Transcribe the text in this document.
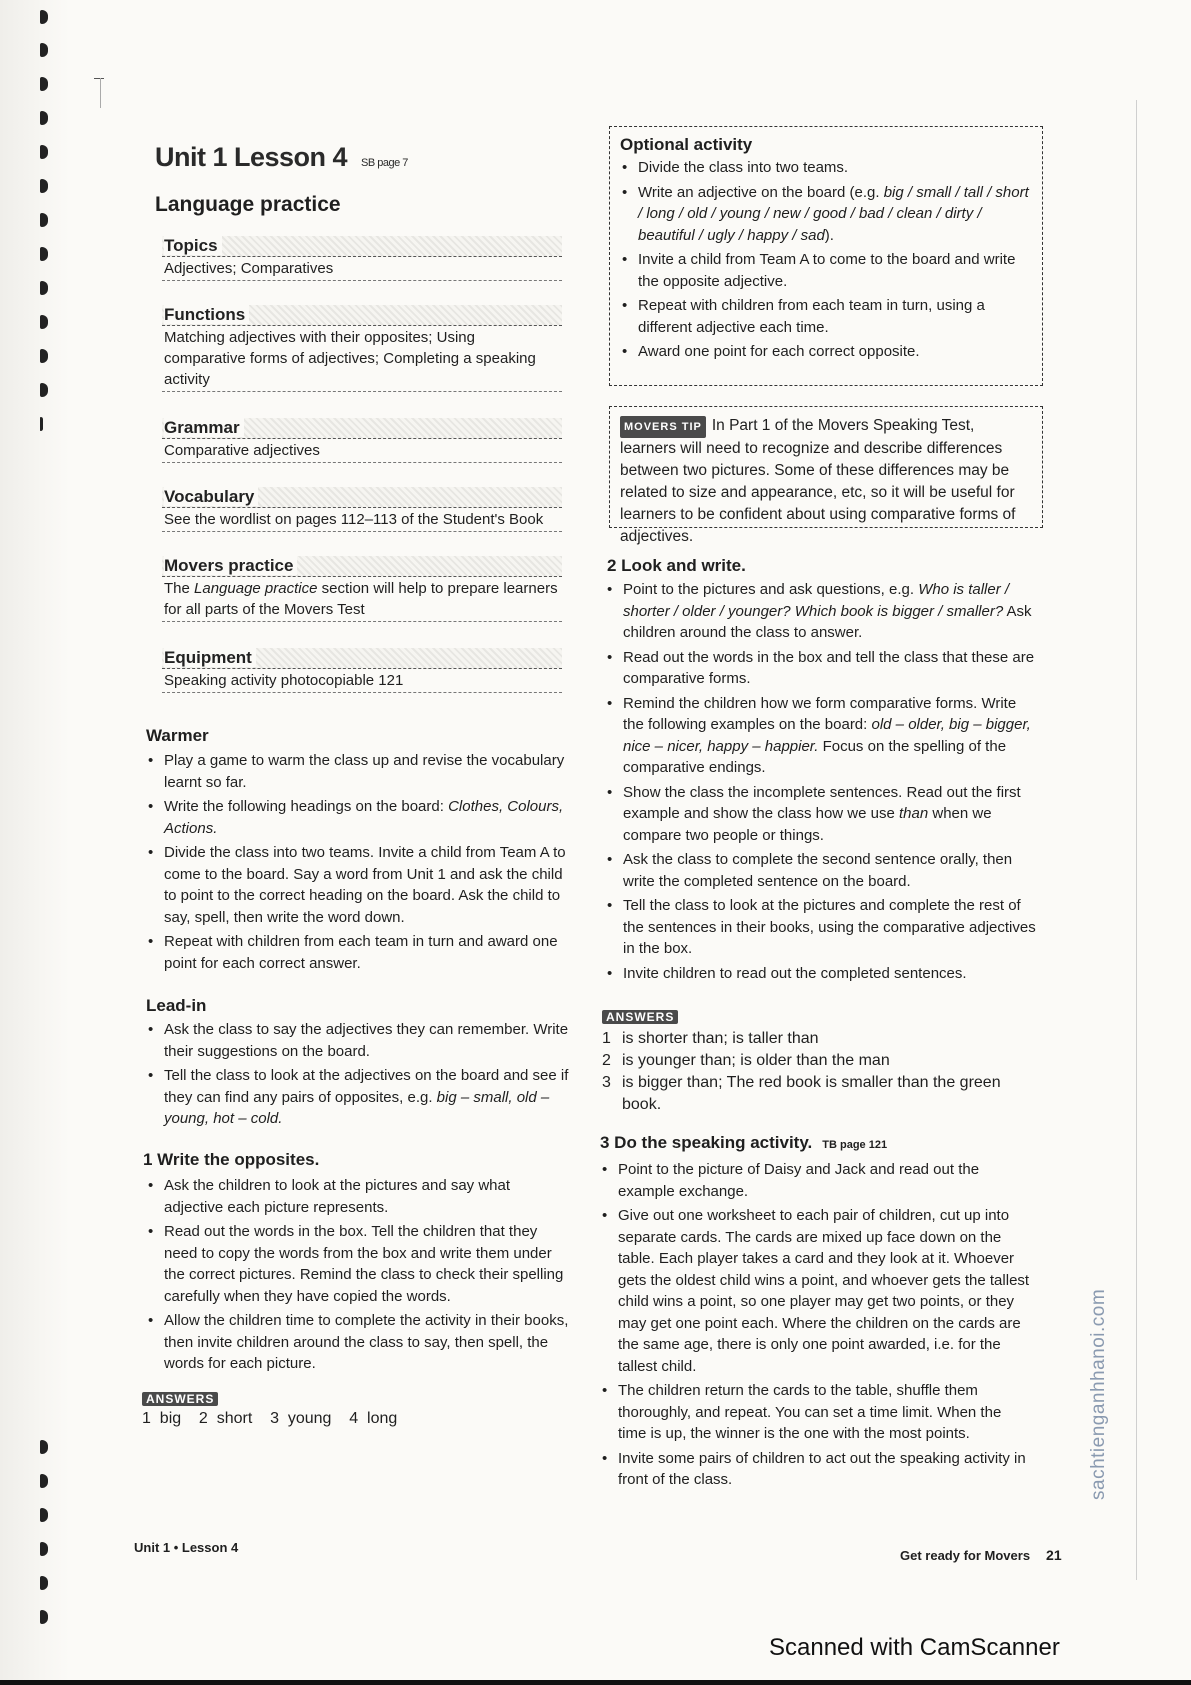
Unit 1 Lesson 4 SB page 7
Language practice
Topics
Adjectives; Comparatives
Functions
Matching adjectives with their opposites; Using comparative forms of adjectives; Completing a speaking activity
Grammar
Comparative adjectives
Vocabulary
See the wordlist on pages 112–113 of the Student's Book
Movers practice
The Language practice section will help to prepare learners for all parts of the Movers Test
Equipment
Speaking activity photocopiable 121
Warmer
• Play a game to warm the class up and revise the vocabulary learnt so far.
• Write the following headings on the board: Clothes, Colours, Actions.
• Divide the class into two teams. Invite a child from Team A to come to the board. Say a word from Unit 1 and ask the child to point to the correct heading on the board. Ask the child to say, spell, then write the word down.
• Repeat with children from each team in turn and award one point for each correct answer.
Lead-in
• Ask the class to say the adjectives they can remember. Write their suggestions on the board.
• Tell the class to look at the adjectives on the board and see if they can find any pairs of opposites, e.g. big – small, old – young, hot – cold.
1 Write the opposites.
• Ask the children to look at the pictures and say what adjective each picture represents.
• Read out the words in the box. Tell the children that they need to copy the words from the box and write them under the correct pictures. Remind the class to check their spelling carefully when they have copied the words.
• Allow the children time to complete the activity in their books, then invite children around the class to say, then spell, the words for each picture.
ANSWERS
1  big    2  short    3  young    4  long
Optional activity
• Divide the class into two teams.
• Write an adjective on the board (e.g. big / small / tall / short / long / old / young / new / good / bad / clean / dirty / beautiful / ugly / happy / sad).
• Invite a child from Team A to come to the board and write the opposite adjective.
• Repeat with children from each team in turn, using a different adjective each time.
• Award one point for each correct opposite.
MOVERS TIP In Part 1 of the Movers Speaking Test, learners will need to recognize and describe differences between two pictures. Some of these differences may be related to size and appearance, etc, so it will be useful for learners to be confident about using comparative forms of adjectives.
2 Look and write.
• Point to the pictures and ask questions, e.g. Who is taller / shorter / older / younger? Which book is bigger / smaller? Ask children around the class to answer.
• Read out the words in the box and tell the class that these are comparative forms.
• Remind the children how we form comparative forms. Write the following examples on the board: old – older, big – bigger, nice – nicer, happy – happier. Focus on the spelling of the comparative endings.
• Show the class the incomplete sentences. Read out the first example and show the class how we use than when we compare two people or things.
• Ask the class to complete the second sentence orally, then write the completed sentence on the board.
• Tell the class to look at the pictures and complete the rest of the sentences in their books, using the comparative adjectives in the box.
• Invite children to read out the completed sentences.
ANSWERS
1 is shorter than; is taller than
2 is younger than; is older than the man
3 is bigger than; The red book is smaller than the green book.
3 Do the speaking activity. TB page 121
• Point to the picture of Daisy and Jack and read out the example exchange.
• Give out one worksheet to each pair of children, cut up into separate cards. The cards are mixed up face down on the table. Each player takes a card and they look at it. Whoever gets the oldest child wins a point, and whoever gets the tallest child wins a point, so one player may get two points, or they may get one point each. Where the children on the cards are the same age, there is only one point awarded, i.e. for the tallest child.
• The children return the cards to the table, shuffle them thoroughly, and repeat. You can set a time limit. When the time is up, the winner is the one with the most points.
• Invite some pairs of children to act out the speaking activity in front of the class.
Unit 1 • Lesson 4
Get ready for Movers 21
sachtienganhhanoi.com
Scanned with CamScanner
